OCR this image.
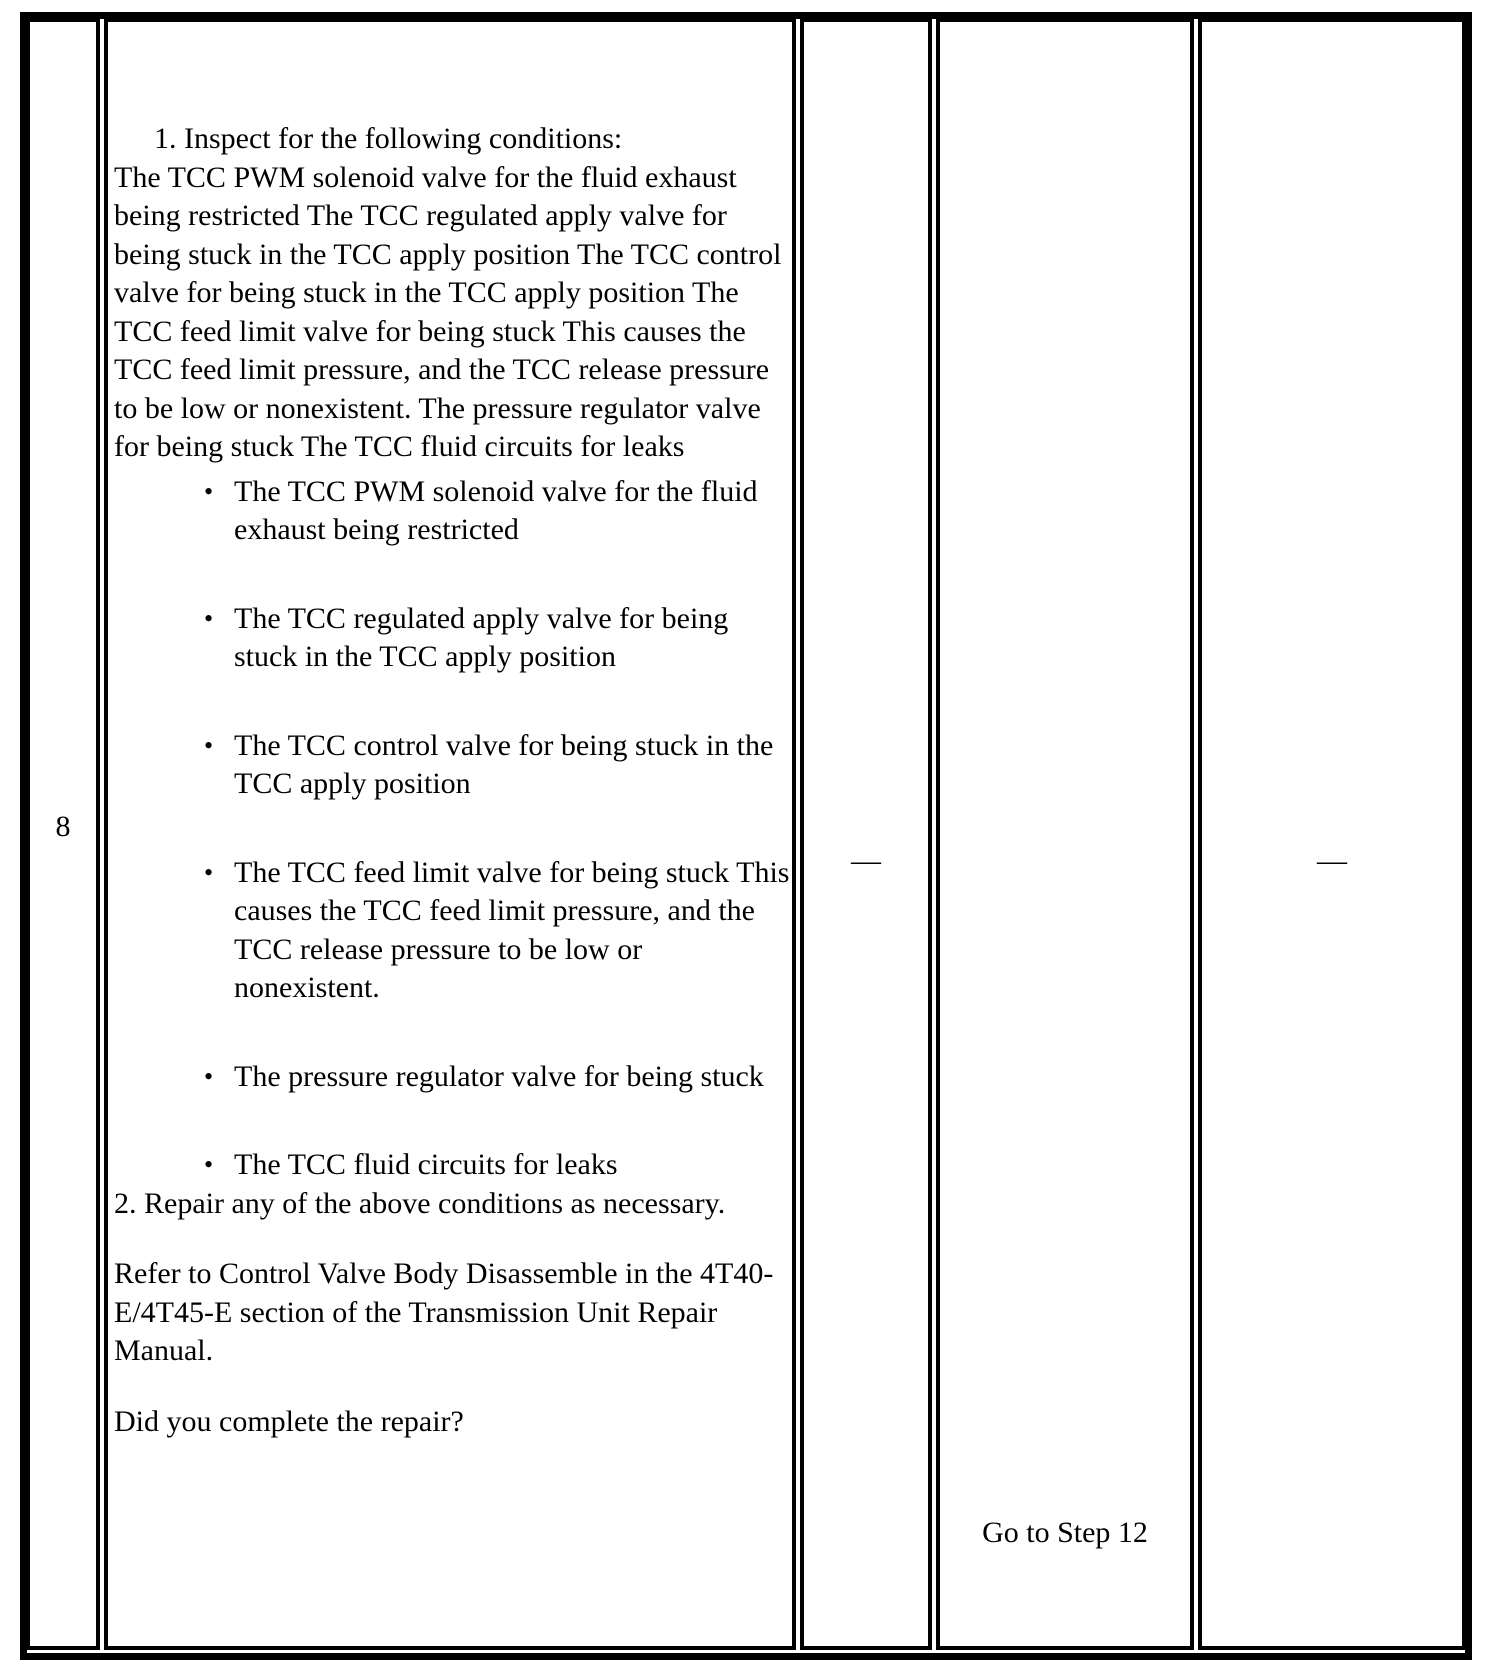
8

1. Inspect for the following conditions:

The TCC PWM solenoid valve for the fluid exhaust being restricted The TCC regulated apply valve for being stuck in the TCC apply position The TCC control valve for being stuck in the TCC apply position The TCC feed limit valve for being stuck This causes the TCC feed limit pressure, and the TCC release pressure to be low or nonexistent. The pressure regulator valve for being stuck The TCC fluid circuits for leaks

• The TCC PWM solenoid valve for the fluid exhaust being restricted
• The TCC regulated apply valve for being stuck in the TCC apply position
• The TCC control valve for being stuck in the TCC apply position
• The TCC feed limit valve for being stuck This causes the TCC feed limit pressure, and the TCC release pressure to be low or nonexistent.
• The pressure regulator valve for being stuck
• The TCC fluid circuits for leaks

2. Repair any of the above conditions as necessary.

Refer to Control Valve Body Disassemble in the 4T40-E/4T45-E section of the Transmission Unit Repair Manual.

Did you complete the repair?

—
Go to Step 12
—
